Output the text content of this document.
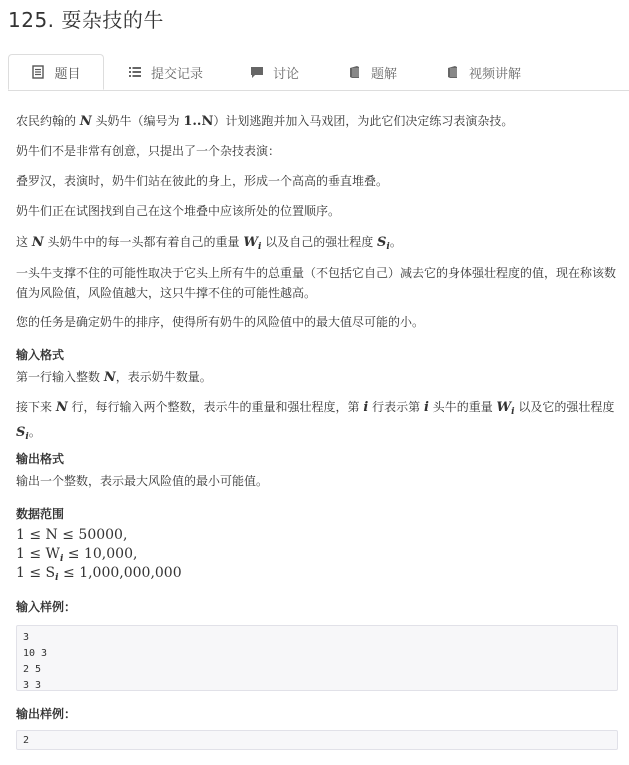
125. 耍杂技的牛
题目	提交记录	讨论	题解	视频讲解
农民约翰的 N 头奶牛（编号为 1..N）计划逃跑并加入马戏团，为此它们决定练习表演杂技。
奶牛们不是非常有创意，只提出了一个杂技表演：
叠罗汉，表演时，奶牛们站在彼此的身上，形成一个高高的垂直堆叠。
奶牛们正在试图找到自己在这个堆叠中应该所处的位置顺序。
这 N 头奶牛中的每一头都有着自己的重量 $W_i$ 以及自己的强壮程度 $S_i$。
一头牛支撑不住的可能性取决于它头上所有牛的总重量（不包括它自己）减去它的身体强壮程度的值，现在称该数值为风险值，风险值越大，这只牛撑不住的可能性越高。
您的任务是确定奶牛的排序，使得所有奶牛的风险值中的最大值尽可能的小。
输入格式
第一行输入整数 N，表示奶牛数量。
接下来 N 行，每行输入两个整数，表示牛的重量和强壮程度，第 i 行表示第 i 头牛的重量 $W_i$ 以及它的强壮程度
$S_i$。
输出格式
输出一个整数，表示最大风险值的最小可能值。
数据范围
1 ≤ N ≤ 50000,
$1 \le W_i \le 10,000$,
$1 \le S_i \le 1,000,000,000$
输入样例：
3
10 3
2 5
3 3
输出样例：
2
